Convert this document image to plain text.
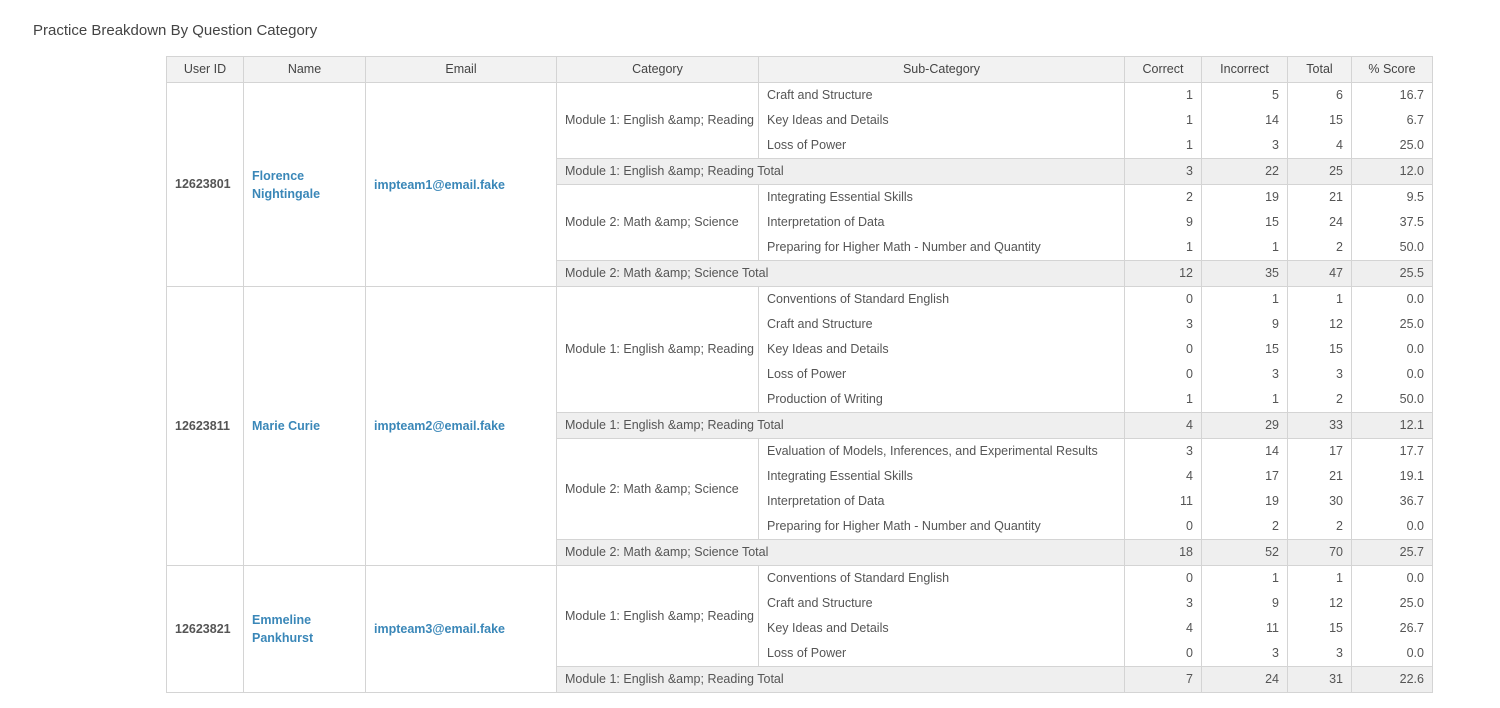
Practice Breakdown By Question Category
User ID	Name	Email	Category	Sub-Category	Correct	Incorrect	Total	% Score
12623801	Florence Nightingale	impteam1@email.fake	Module 1: English &amp; Reading	Craft and Structure	1	5	6	16.7
				Key Ideas and Details	1	14	15	6.7
				Loss of Power	1	3	4	25.0
			Module 1: English &amp; Reading Total		3	22	25	12.0
			Module 2: Math &amp; Science	Integrating Essential Skills	2	19	21	9.5
				Interpretation of Data	9	15	24	37.5
				Preparing for Higher Math - Number and Quantity	1	1	2	50.0
			Module 2: Math &amp; Science Total		12	35	47	25.5
12623811	Marie Curie	impteam2@email.fake	Module 1: English &amp; Reading	Conventions of Standard English	0	1	1	0.0
				Craft and Structure	3	9	12	25.0
				Key Ideas and Details	0	15	15	0.0
				Loss of Power	0	3	3	0.0
				Production of Writing	1	1	2	50.0
			Module 1: English &amp; Reading Total		4	29	33	12.1
			Module 2: Math &amp; Science	Evaluation of Models, Inferences, and Experimental Results	3	14	17	17.7
				Integrating Essential Skills	4	17	21	19.1
				Interpretation of Data	11	19	30	36.7
				Preparing for Higher Math - Number and Quantity	0	2	2	0.0
			Module 2: Math &amp; Science Total		18	52	70	25.7
12623821	Emmeline Pankhurst	impteam3@email.fake	Module 1: English &amp; Reading	Conventions of Standard English	0	1	1	0.0
				Craft and Structure	3	9	12	25.0
				Key Ideas and Details	4	11	15	26.7
				Loss of Power	0	3	3	0.0
			Module 1: English &amp; Reading Total		7	24	31	22.6
